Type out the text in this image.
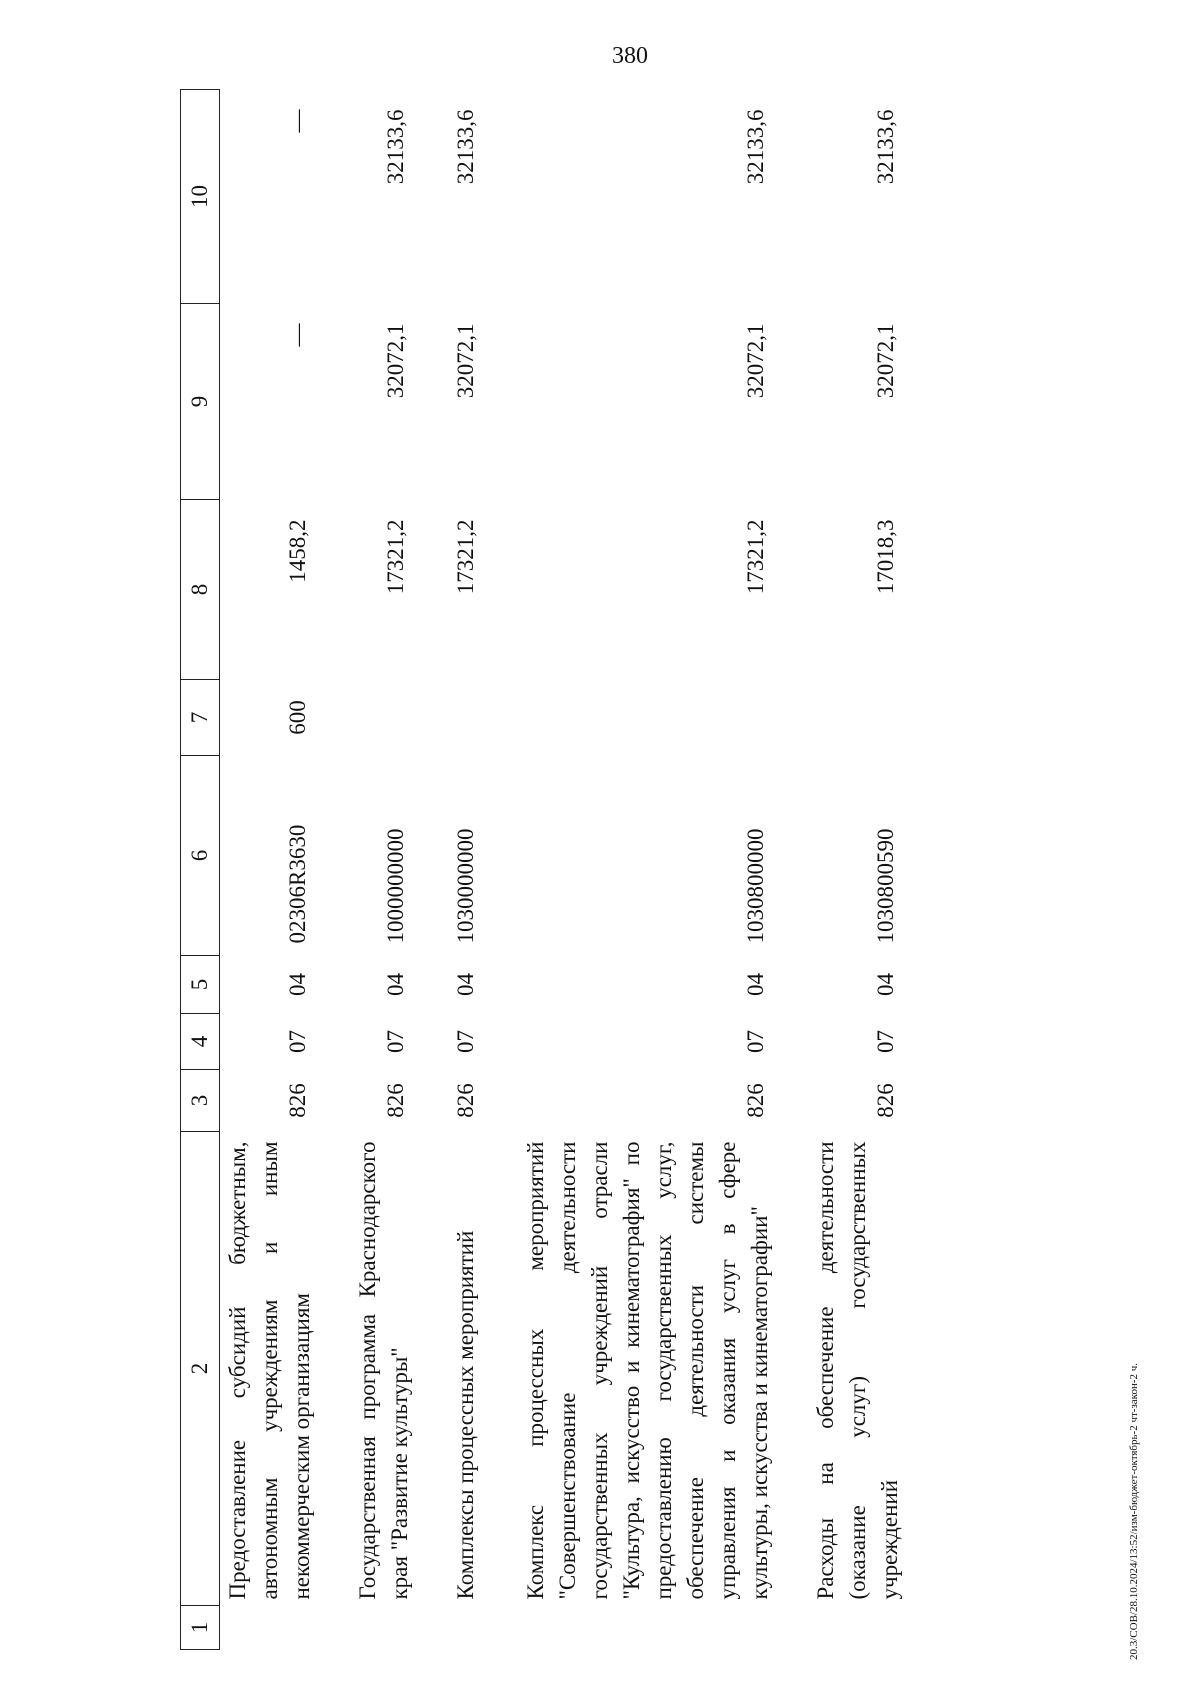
380
1	2	3	4	5	6	7	8	9	10
	Предоставление субсидий бюджетным, автономным учреждениям и иным некоммерческим организациям	826	07	04	02306R3630	600	1458,2	—	—

	Государственная программа Краснодарского края "Развитие культуры"	826	07	04	1000000000		17321,2	32072,1	32133,6

	Комплексы процессных мероприятий	826	07	04	1030000000		17321,2	32072,1	32133,6

	Комплекс процессных мероприятий "Совершенствование деятельности государственных учреждений отрасли "Культура, искусство и кинематография" по предоставлению государственных услуг, обеспечение деятельности системы управления и оказания услуг в сфере культуры, искусства и кинематографии"	826	07	04	1030800000		17321,2	32072,1	32133,6

	Расходы на обеспечение деятельности (оказание услуг) государственных учреждений	826	07	04	1030800590		17018,3	32072,1	32133,6
20.3/СОВ/28.10.2024/13:52/изм-бюджет-октябрь-2 чт-закон-2 ч.
